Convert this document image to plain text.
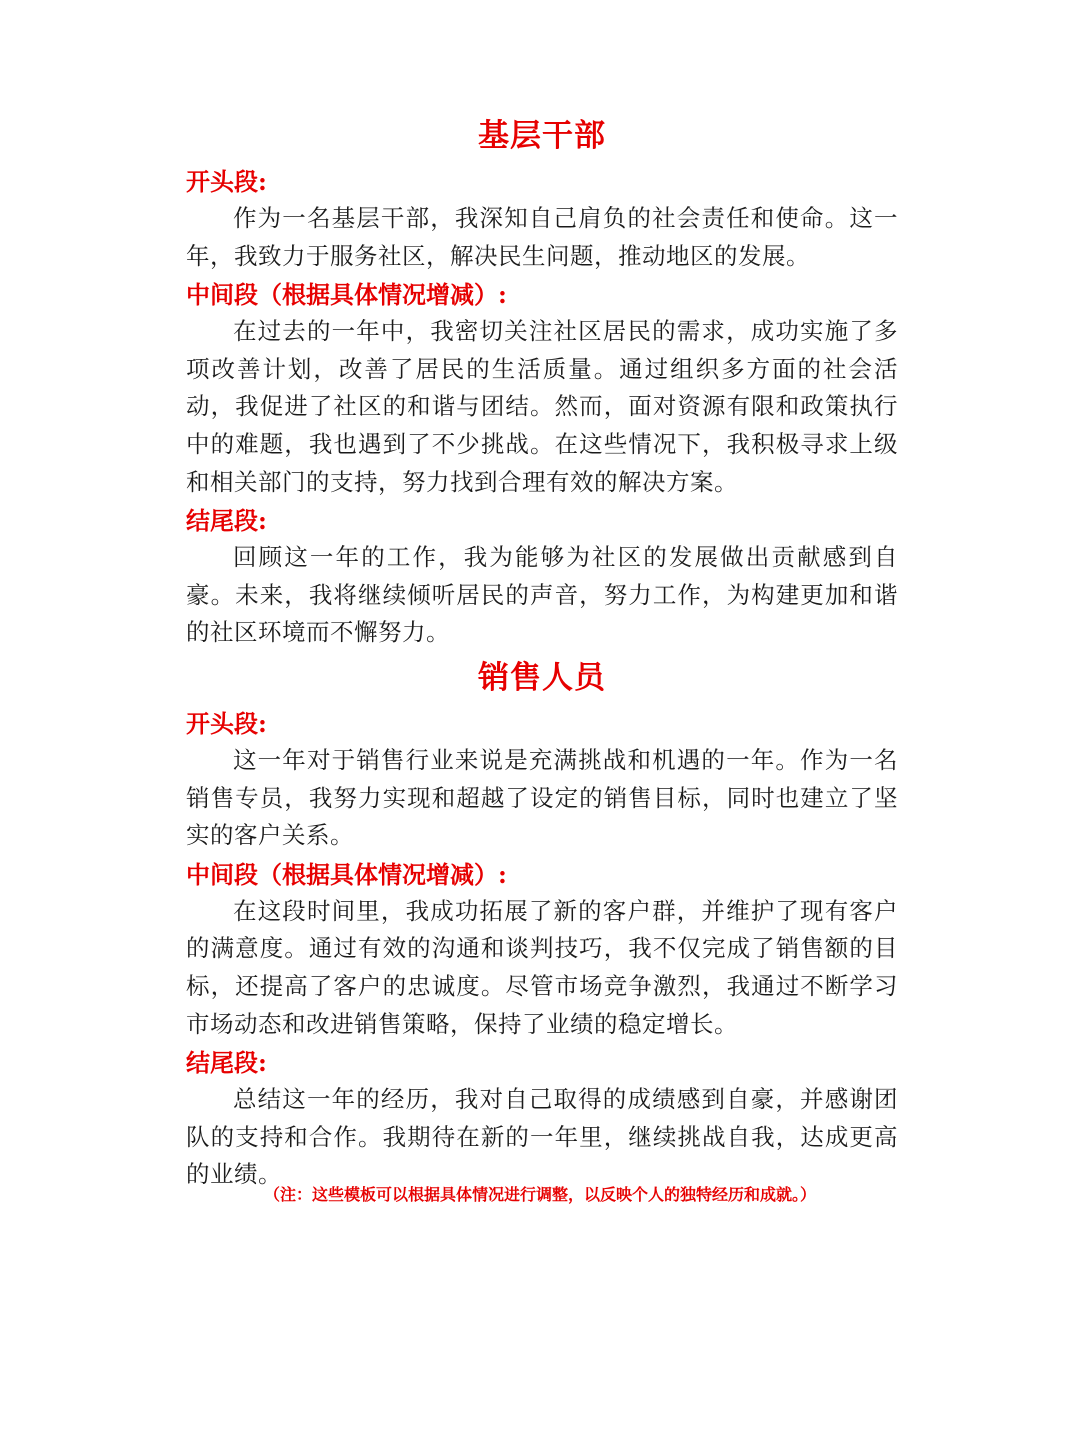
基层干部

开头段:

作为一名基层干部，我深知自己肩负的社会责任和使命。这一年，我致力于服务社区，解决民生问题，推动地区的发展。

中间段（根据具体情况增减）:

在过去的一年中，我密切关注社区居民的需求，成功实施了多项改善计划，改善了居民的生活质量。通过组织多方面的社会活动，我促进了社区的和谐与团结。然而，面对资源有限和政策执行中的难题，我也遇到了不少挑战。在这些情况下，我积极寻求上级和相关部门的支持，努力找到合理有效的解决方案。

结尾段:

回顾这一年的工作，我为能够为社区的发展做出贡献感到自豪。未来，我将继续倾听居民的声音，努力工作，为构建更加和谐的社区环境而不懈努力。

销售人员

开头段:

这一年对于销售行业来说是充满挑战和机遇的一年。作为一名销售专员，我努力实现和超越了设定的销售目标，同时也建立了坚实的客户关系。

中间段（根据具体情况增减）:

在这段时间里，我成功拓展了新的客户群，并维护了现有客户的满意度。通过有效的沟通和谈判技巧，我不仅完成了销售额的目标，还提高了客户的忠诚度。尽管市场竞争激烈，我通过不断学习市场动态和改进销售策略，保持了业绩的稳定增长。

结尾段:

总结这一年的经历，我对自己取得的成绩感到自豪，并感谢团队的支持和合作。我期待在新的一年里，继续挑战自我，达成更高的业绩。

（注：这些模板可以根据具体情况进行调整，以反映个人的独特经历和成就。）
